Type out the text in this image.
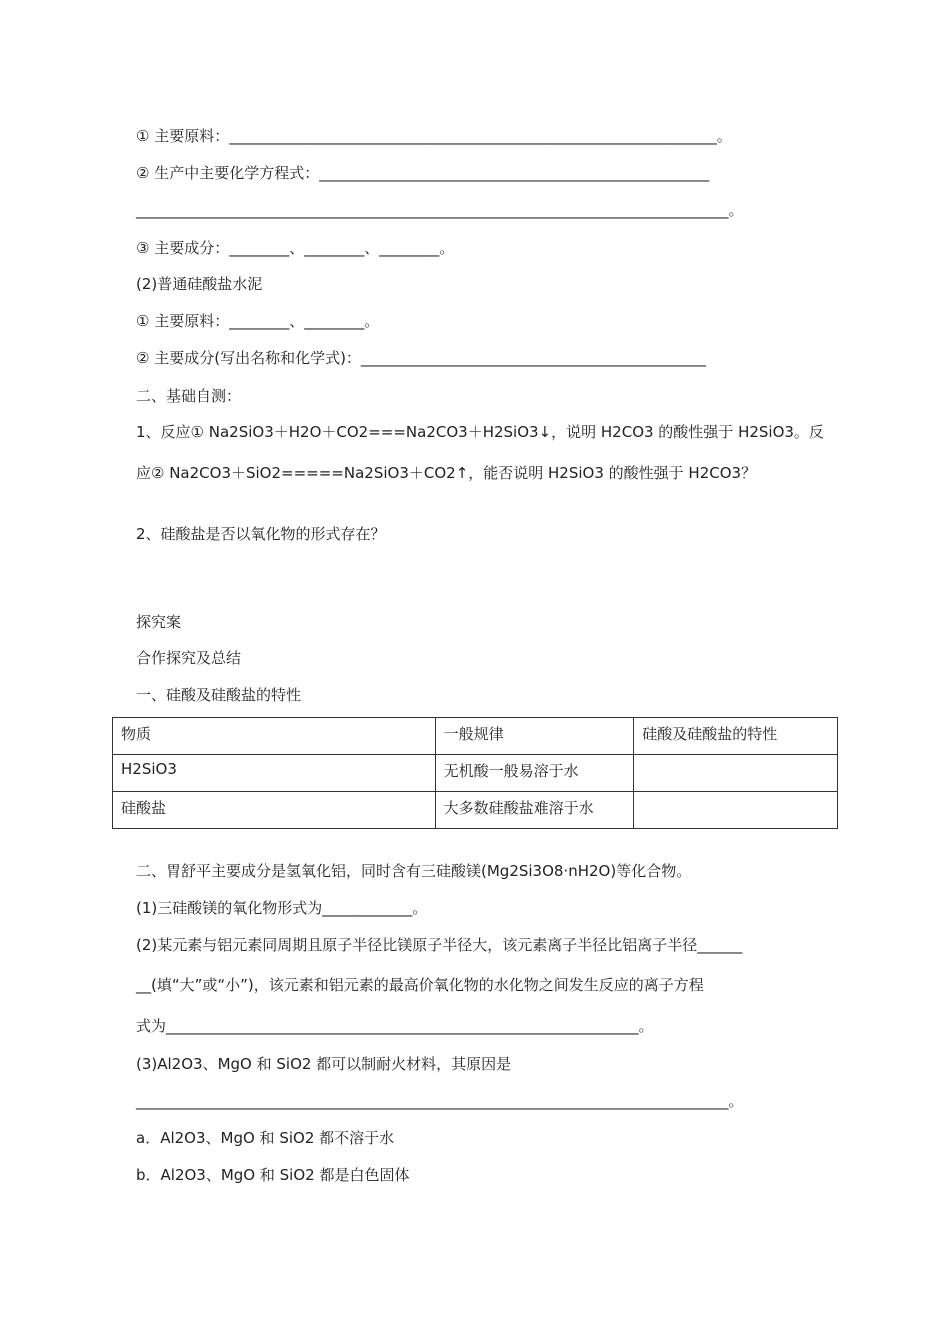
① 主要原料：_________________________________________________________________。
② 生产中主要化学方程式：____________________________________________________
_______________________________________________________________________________。
③ 主要成分：________、________、________。
(2)普通硅酸盐水泥
① 主要原料：________、________。
② 主要成分(写出名称和化学式)：______________________________________________
二、基础自测：
1、反应① Na2SiO3＋H2O＋CO2===Na2CO3＋H2SiO3↓，说明 H2CO3 的酸性强于 H2SiO3。反
应② Na2CO3＋SiO2=====Na2SiO3＋CO2↑，能否说明 H2SiO3 的酸性强于 H2CO3？
2、硅酸盐是否以氧化物的形式存在？
探究案
合作探究及总结
一、硅酸及硅酸盐的特性
物质	一般规律	硅酸及硅酸盐的特性
H2SiO3	无机酸一般易溶于水	
硅酸盐	大多数硅酸盐难溶于水	
二、胃舒平主要成分是氢氧化铝，同时含有三硅酸镁(Mg2Si3O8·nH2O)等化合物。
(1)三硅酸镁的氧化物形式为____________。
(2)某元素与铝元素同周期且原子半径比镁原子半径大，该元素离子半径比铝离子半径______
__(填“大”或“小”)，该元素和铝元素的最高价氧化物的水化物之间发生反应的离子方程
式为_______________________________________________________________。
(3)Al2O3、MgO 和 SiO2 都可以制耐火材料，其原因是
_______________________________________________________________________________。
a．Al2O3、MgO 和 SiO2 都不溶于水
b．Al2O3、MgO 和 SiO2 都是白色固体
